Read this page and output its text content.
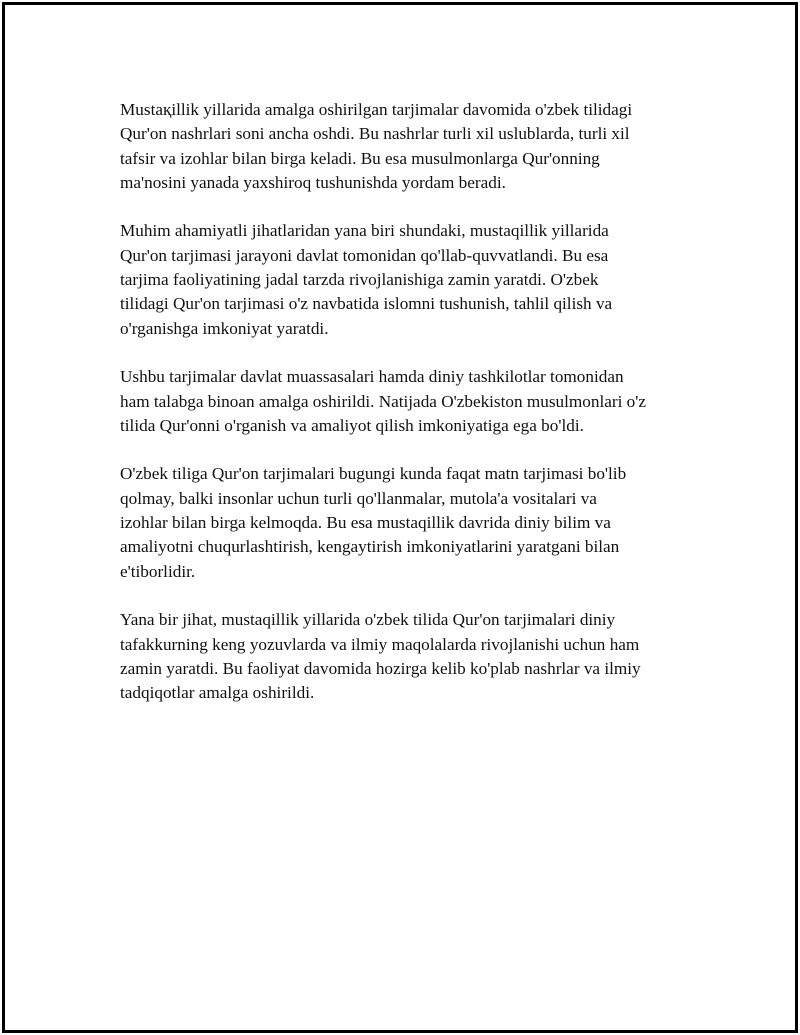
Mustaқillik yillarida amalga oshirilgan tarjimalar davomida o'zbek tilidagi
Qur'on nashrlari soni ancha oshdi. Bu nashrlar turli xil uslublarda, turli xil
tafsir va izohlar bilan birga keladi. Bu esa musulmonlarga Qur'onning
ma'nosini yanada yaxshiroq tushunishda yordam beradi.

Muhim ahamiyatli jihatlaridan yana biri shundaki, mustaqillik yillarida
Qur'on tarjimasi jarayoni davlat tomonidan qo'llab-quvvatlandi. Bu esa
tarjima faoliyatining jadal tarzda rivojlanishiga zamin yaratdi. O'zbek
tilidagi Qur'on tarjimasi o'z navbatida islomni tushunish, tahlil qilish va
o'rganishga imkoniyat yaratdi.

Ushbu tarjimalar davlat muassasalari hamda diniy tashkilotlar tomonidan
ham talabga binoan amalga oshirildi. Natijada O'zbekiston musulmonlari o'z
tilida Qur'onni o'rganish va amaliyot qilish imkoniyatiga ega bo'ldi.

O'zbek tiliga Qur'on tarjimalari bugungi kunda faqat matn tarjimasi bo'lib
qolmay, balki insonlar uchun turli qo'llanmalar, mutola'a vositalari va
izohlar bilan birga kelmoqda. Bu esa mustaqillik davrida diniy bilim va
amaliyotni chuqurlashtirish, kengaytirish imkoniyatlarini yaratgani bilan
e'tiborlidir.

Yana bir jihat, mustaqillik yillarida o'zbek tilida Qur'on tarjimalari diniy
tafakkurning keng yozuvlarda va ilmiy maqolalarda rivojlanishi uchun ham
zamin yaratdi. Bu faoliyat davomida hozirga kelib ko'plab nashrlar va ilmiy
tadqiqotlar amalga oshirildi.
